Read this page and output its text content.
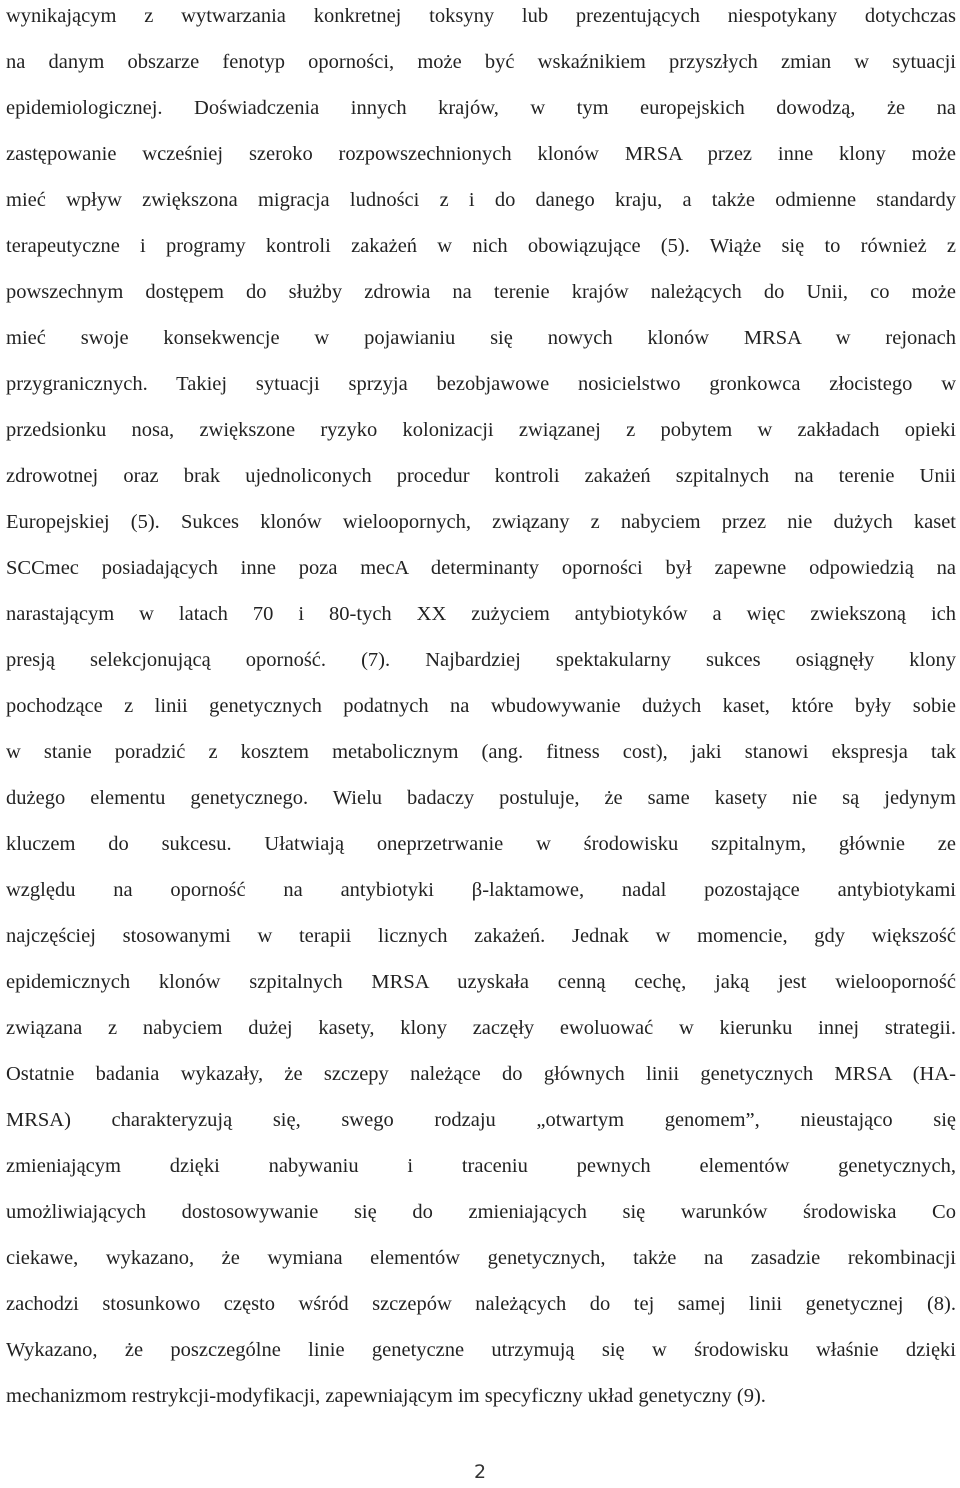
wynikającym z wytwarzania konkretnej toksyny lub prezentujących niespotykany dotychczas
na danym obszarze fenotyp oporności, może być wskaźnikiem przyszłych zmian w sytuacji
epidemiologicznej. Doświadczenia innych krajów, w tym europejskich dowodzą, że na
zastępowanie wcześniej szeroko rozpowszechnionych klonów MRSA przez inne klony może
mieć wpływ zwiększona migracja ludności z i do danego kraju, a także odmienne standardy
terapeutyczne i programy kontroli zakażeń w nich obowiązujące (5). Wiąże się to również z
powszechnym dostępem do służby zdrowia na terenie krajów należących do Unii, co może
mieć swoje konsekwencje w pojawianiu się nowych klonów MRSA w rejonach
przygranicznych. Takiej sytuacji sprzyja bezobjawowe nosicielstwo gronkowca złocistego w
przedsionku nosa, zwiększone ryzyko kolonizacji związanej z pobytem w zakładach opieki
zdrowotnej oraz brak ujednoliconych procedur kontroli zakażeń szpitalnych na terenie Unii
Europejskiej (5). Sukces klonów wieloopornych, związany z nabyciem przez nie dużych kaset
SCCmec posiadających inne poza mecA determinanty oporności był zapewne odpowiedzią na
narastającym w latach 70 i 80-tych XX zużyciem antybiotyków a więc zwiekszoną ich
presją selekcjonującą oporność. (7). Najbardziej spektakularny sukces osiągnęły klony
pochodzące z linii genetycznych podatnych na wbudowywanie dużych kaset, które były sobie
w stanie poradzić z kosztem metabolicznym (ang. fitness cost), jaki stanowi ekspresja tak
dużego elementu genetycznego. Wielu badaczy postuluje, że same kasety nie są jedynym
kluczem do sukcesu. Ułatwiają oneprzetrwanie w środowisku szpitalnym, głównie ze
względu na oporność na antybiotyki β-laktamowe, nadal pozostające antybiotykami
najczęściej stosowanymi w terapii licznych zakażeń. Jednak w momencie, gdy większość
epidemicznych klonów szpitalnych MRSA uzyskała cenną cechę, jaką jest wielooporność
związana z nabyciem dużej kasety, klony zaczęły ewoluować w kierunku innej strategii.
Ostatnie badania wykazały, że szczepy należące do głównych linii genetycznych MRSA (HA-
MRSA) charakteryzują się, swego rodzaju „otwartym genomem”, nieustająco się
zmieniającym dzięki nabywaniu i traceniu pewnych elementów genetycznych,
umożliwiających dostosowywanie się do zmieniających się warunków środowiska Co
ciekawe, wykazano, że wymiana elementów genetycznych, także na zasadzie rekombinacji
zachodzi stosunkowo często wśród szczepów należących do tej samej linii genetycznej (8).
Wykazano, że poszczególne linie genetyczne utrzymują się w środowisku właśnie dzięki
mechanizmom restrykcji-modyfikacji, zapewniającym im specyficzny układ genetyczny (9).
2
